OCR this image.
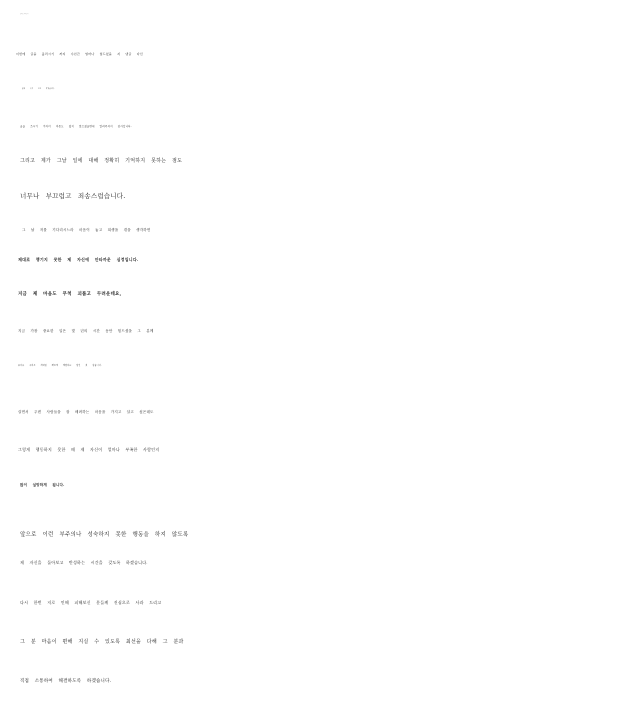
이번에 글을 올리시기 까지 수년간 얼마나 힘드셨을 지 댓글 다신
분의 글을 보고 알았습니다.
글을 쓰시기 까지의 마음도 쉽지 않으셨을텐데 알려주셔서 감사합니다.
그리고 제가 그날 일에 대해 정확히 기억하지 못하는 점도
너무나 부끄럽고 죄송스럽습니다.
그 날 저를 기다리시느라 마음이 놓고 희생을 겪을 생각하면
제대로 챙기지 못한 제 자신에 안타까운 심정입니다.
지금 제 마음도 무척 괴롭고 두려운데요,
지금 가장 중요한 일은 몇 년의 시간 동안 힘드셨을 그 분께
용서를 구하고 최대한 빠르게 해결하는 일인 것 같습니다.
살면서 주변 사람들을 잘 배려하는 마음을 가지고 살고 싶은데도
그렇게 행동하지 못한 때 제 자신이 얼마나 부족한 사람인지
많이 실망하게 됩니다.
앞으로 이런 부주의나 성숙하지 못한 행동을 하지 않도록
제 자신을 돌아보고 반성하는 시간을 갖도록 하겠습니다.
다시 한번 저로 인해 피해보신 분들께 진심으로 사과 드리고
그 분 마음이 편해 지실 수 있도록 최선을 다해 그 분과
직접 소통하여 해결하도록 하겠습니다.
